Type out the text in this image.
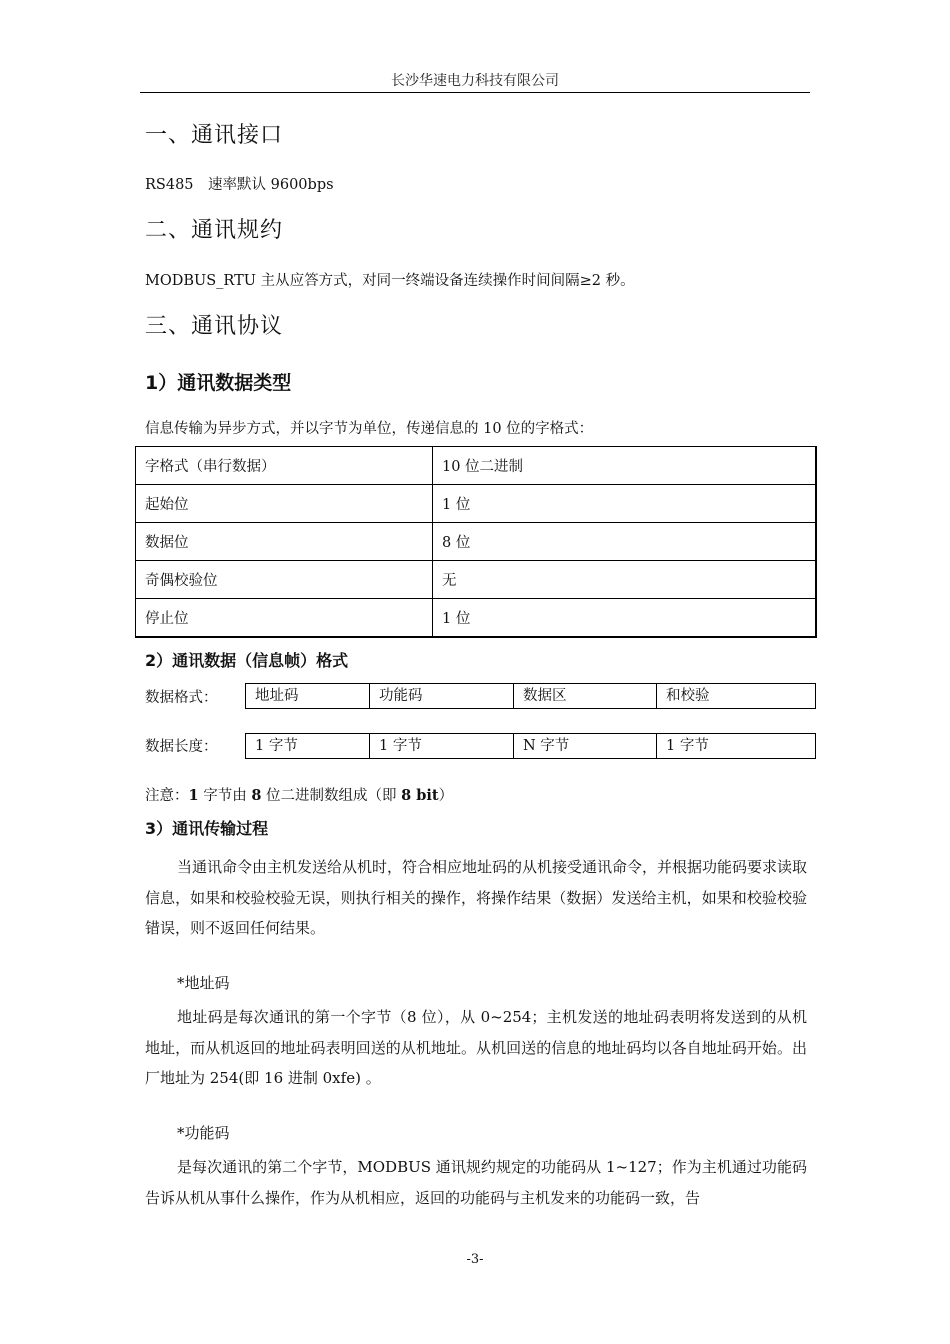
长沙华速电力科技有限公司
一、通讯接口
RS485　速率默认 9600bps
二、通讯规约
MODBUS_RTU 主从应答方式，对同一终端设备连续操作时间间隔≥2 秒。
三、通讯协议
1）通讯数据类型
信息传输为异步方式，并以字节为单位，传递信息的 10 位的字格式：
字格式（串行数据）	10 位二进制
起始位	1 位
数据位	8 位
奇偶校验位	无
停止位	1 位
2）通讯数据（信息帧）格式
数据格式：	地址码	功能码	数据区	和校验
数据长度：	1 字节	1 字节	N 字节	1 字节
注意：1 字节由 8 位二进制数组成（即 8 bit）
3）通讯传输过程
当通讯命令由主机发送给从机时，符合相应地址码的从机接受通讯命令，并根据功能码要求读取信息，如果和校验校验无误，则执行相关的操作，将操作结果（数据）发送给主机，如果和校验校验错误，则不返回任何结果。
*地址码
地址码是每次通讯的第一个字节（8 位），从 0~254；主机发送的地址码表明将发送到的从机地址，而从机返回的地址码表明回送的从机地址。从机回送的信息的地址码均以各自地址码开始。出厂地址为 254(即 16 进制 0xfe) 。
*功能码
是每次通讯的第二个字节，MODBUS 通讯规约规定的功能码从 1~127；作为主机通过功能码告诉从机从事什么操作，作为从机相应，返回的功能码与主机发来的功能码一致，告
-3-
